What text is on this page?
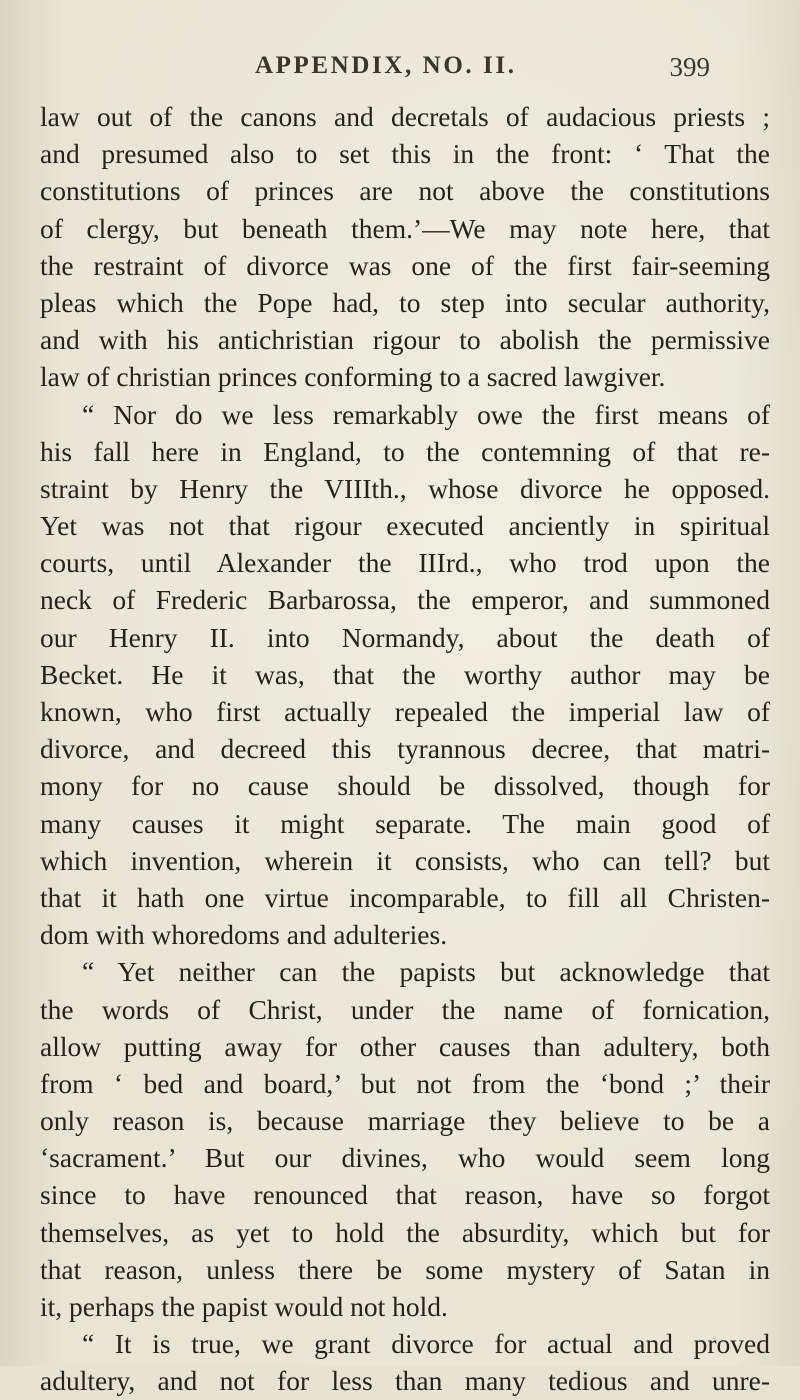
APPENDIX, NO. II.	399
law out of the canons and decretals of audacious priests ;
and presumed also to set this in the front: ‘ That the
constitutions of princes are not above the constitutions
of clergy, but beneath them.’—We may note here, that
the restraint of divorce was one of the first fair-seeming
pleas which the Pope had, to step into secular authority,
and with his antichristian rigour to abolish the permissive
law of christian princes conforming to a sacred lawgiver.
“ Nor do we less remarkably owe the first means of
his fall here in England, to the contemning of that re-
straint by Henry the VIIIth., whose divorce he opposed.
Yet was not that rigour executed anciently in spiritual
courts, until Alexander the IIIrd., who trod upon the
neck of Frederic Barbarossa, the emperor, and summoned
our Henry II. into Normandy, about the death of
Becket. He it was, that the worthy author may be
known, who first actually repealed the imperial law of
divorce, and decreed this tyrannous decree, that matri-
mony for no cause should be dissolved, though for
many causes it might separate. The main good of
which invention, wherein it consists, who can tell? but
that it hath one virtue incomparable, to fill all Christen-
dom with whoredoms and adulteries.
“ Yet neither can the papists but acknowledge that
the words of Christ, under the name of fornication,
allow putting away for other causes than adultery, both
from ‘ bed and board,’ but not from the ‘bond ;’ their
only reason is, because marriage they believe to be a
‘sacrament.’ But our divines, who would seem long
since to have renounced that reason, have so forgot
themselves, as yet to hold the absurdity, which but for
that reason, unless there be some mystery of Satan in
it, perhaps the papist would not hold.
“ It is true, we grant divorce for actual and proved
adultery, and not for less than many tedious and unre-
